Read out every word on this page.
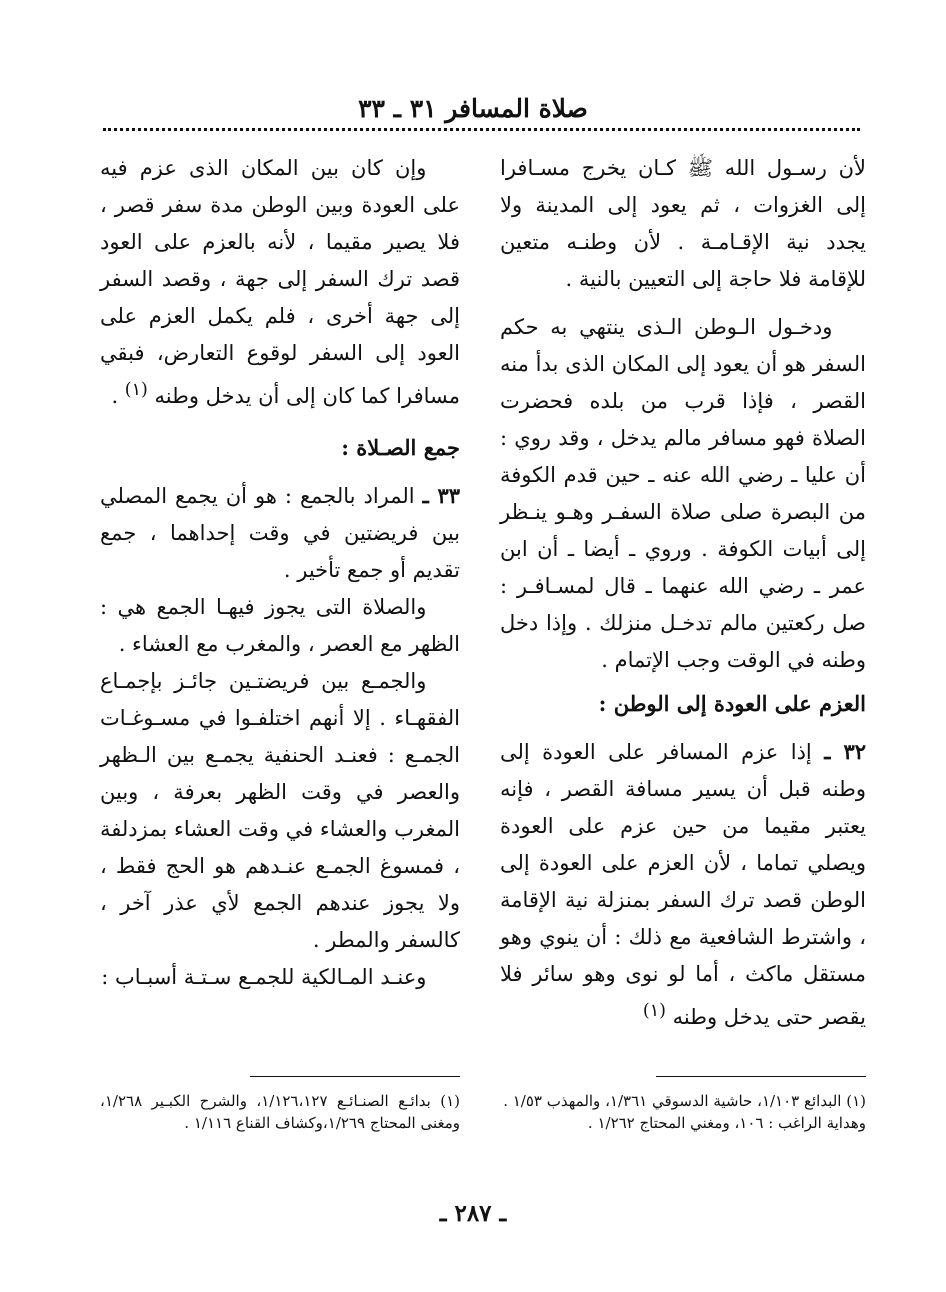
صلاة المسافر ٣١ ـ ٣٣

لأن رسـول الله ﷺ كـان يخرج مسـافرا إلى الغزوات ، ثم يعود إلى المدينة ولا يجدد نية الإقـامـة . لأن وطنـه متعين للإقامة فلا حاجة إلى التعيين بالنية .

ودخـول الـوطن الـذى ينتهي به حكم السفر هو أن يعود إلى المكان الذى بدأ منه القصر ، فإذا قرب من بلده فحضرت الصلاة فهو مسافر مالم يدخل ، وقد روي : أن عليا ـ رضي الله عنه ـ حين قدم الكوفة من البصرة صلى صلاة السفـر وهـو ينـظر إلى أبيات الكوفة . وروي ـ أيضا ـ أن ابن عمر ـ رضي الله عنهما ـ قال لمسـافـر : صل ركعتين مالم تدخـل منزلك . وإذا دخل وطنه في الوقت وجب الإتمام .

العزم على العودة إلى الوطن :

٣٢ ـ إذا عزم المسافر على العودة إلى وطنه قبل أن يسير مسافة القصر ، فإنه يعتبر مقيما من حين عزم على العودة ويصلي تماما ، لأن العزم على العودة إلى الوطن قصد ترك السفر بمنزلة نية الإقامة ، واشترط الشافعية مع ذلك : أن ينوي وهو مستقل ماكث ، أما لو نوى وهو سائر فلا يقصر حتى يدخل وطنه $^{(١)}$

وإن كان بين المكان الذى عزم فيه على العودة وبين الوطن مدة سفر قصر ، فلا يصير مقيما ، لأنه بالعزم على العود قصد ترك السفر إلى جهة ، وقصد السفر إلى جهة أخرى ، فلم يكمل العزم على العود إلى السفر لوقوع التعارض، فبقي مسافرا كما كان إلى أن يدخل وطنه $^{(١)}$ .

جمع الصـلاة :

٣٣ ـ المراد بالجمع : هو أن يجمع المصلي بين فريضتين في وقت إحداهما ، جمع تقديم أو جمع تأخير .

والصلاة التى يجوز فيهـا الجمع هي : الظهر مع العصر ، والمغرب مع العشاء .

والجمـع بين فريضتـين جائـز بإجمـاع الفقهـاء . إلا أنهم اختلفـوا في مسـوغـات الجمـع : فعنـد الحنفية يجمـع بين الـظهر والعصر في وقت الظهر بعرفة ، وبين المغرب والعشاء في وقت العشاء بمزدلفة ، فمسوغ الجمـع عنـدهم هو الحج فقط ، ولا يجوز عندهم الجمع لأي عذر آخر ، كالسفر والمطر .

وعنـد المـالكية للجمـع سـتـة أسبـاب :

(١) البدائع ١/١٠٣، حاشية الدسوقي ١/٣٦١، والمهذب ١/٥٣ .

وهداية الراغب : ١٠٦، ومغني المحتاج ١/٢٦٢ .

(١) بدائـع الصنـائـع ١/١٢٦،١٢٧، والشرح الكبـير ١/٢٦٨، ومغنى المحتاج ١/٢٦٩،وكشاف القناع ١/١١٦ .

ـ ٢٨٧ ـ
